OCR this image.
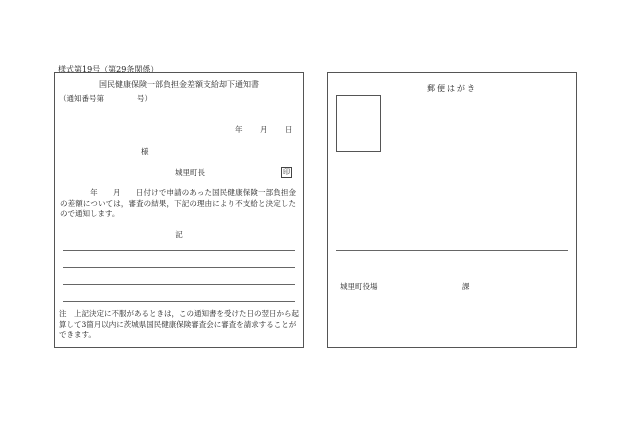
様式第19号（第29条関係）
国民健康保険一部負担金差額支給却下通知書
（通知番号第	号）
年 月 日
様
城里町長	印
年　　月　　日付けで申請のあった国民健康保険一部負担金の差額については，審査の結果，下記の理由により不支給と決定したので通知します。
記
注　上記決定に不服があるときは，この通知書を受けた日の翌日から起算して3箇月以内に茨城県国民健康保険審査会に審査を請求することができます。
郵便はがき
城里町役場	課
